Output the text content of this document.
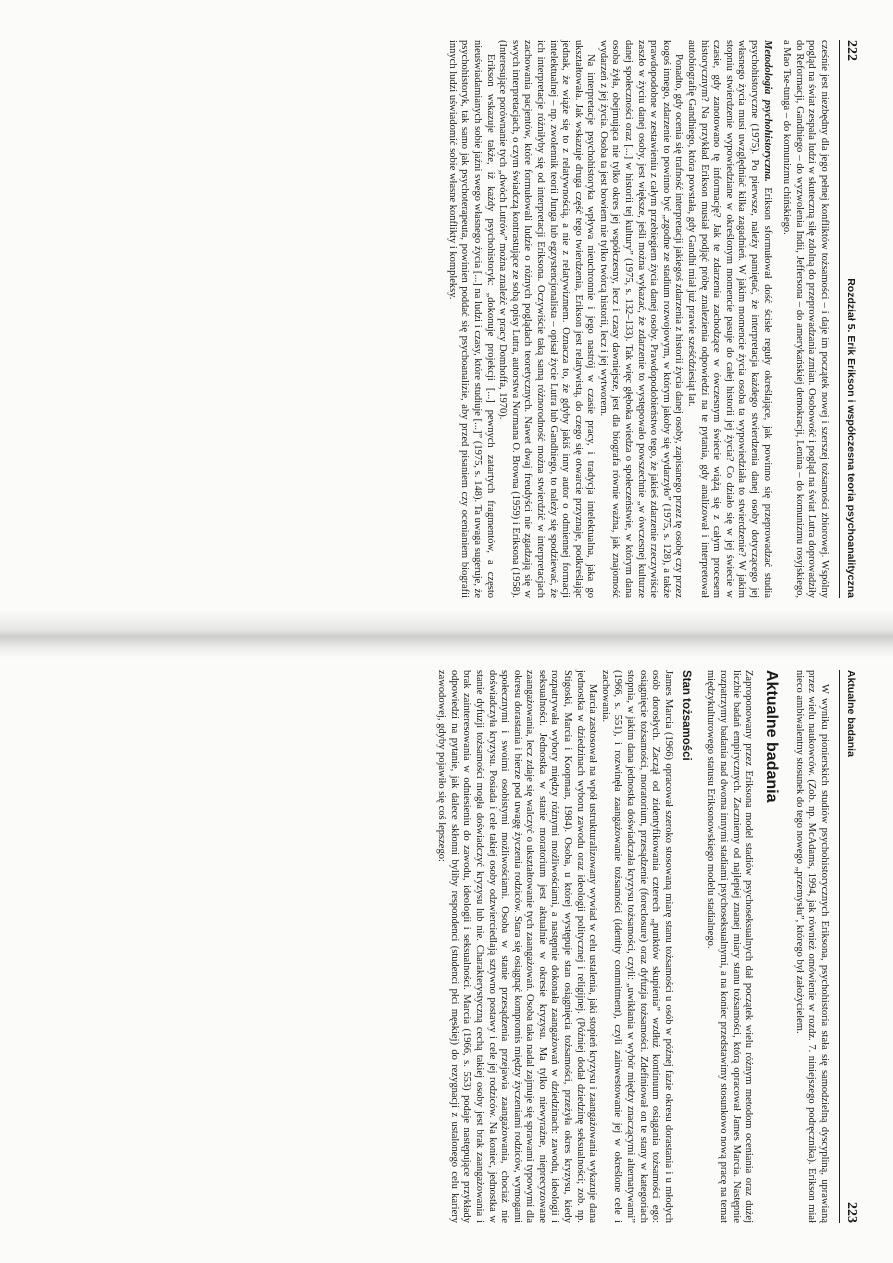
222
Rozdział 5. Erik Erikson i współczesna teoria psychoanalityczna

cześnie jest niezbędny dla jego pełnej konfliktów tożsamości – i daje im początek nowej i szerszej tożsamości zbiorowej. Wspólny pogląd na świat zespala ludzi w skuteczną siłę zdolną do przeprowadzania zmian. Osobowość i pogląd na świat Lutra doprowadziły do Reformacji, Gandhiego – do wyzwolenia Indii, Jeffersona – do amerykańskiej demokracji, Lenina – do komunizmu rosyjskiego, a Mao Tse-tunga – do komunizmu chińskiego.

Metodologia psychohistoryczna. Erikson sformułował dość ścisłe reguły określające, jak powinno się przeprowadzać studia psychohistoryczne (1975). Po pierwsze, należy pamiętać, że interpretacja każdego stwierdzenia danej osoby dotyczącego jej własnego życia musi uwzględniać kilka zagadnień. W jakim momencie życia osoba ta wypowiedziała to stwierdzenie? W jakim stopniu stwierdzenie wypowiedziane w określonym momencie pasuje do całej historii jej życia? Co działo się w jej świecie w czasie, gdy zanotowano tę informację? Jak te zdarzenia zachodzące w ówczesnym świecie wiążą się z całym procesem historycznym? Na przykład Erikson musiał podjąć próbę znalezienia odpowiedzi na te pytania, gdy analizował i interpretował autobiografię Gandhiego, która powstała, gdy Gandhi miał już prawie sześćdziesiąt lat.

Ponadto, gdy ocenia się trafność interpretacji jakiegoś zdarzenia z historii życia danej osoby, zapisanego przez tę osobę czy przez kogoś innego, zdarzenie to powinno być „zgodne ze stadium rozwojowym, w którym jakoby się wydarzyło” (1975, s. 128), a także prawdopodobne w zestawieniu z całym przebiegiem życia danej osoby. Prawdopodobieństwo tego, że jakieś zdarzenie rzeczywiście zaszło w życiu danej osoby, jest większe, jeśli można wykazać, że zdarzenie to występowało powszechnie „w ówczesnej kulturze danej społeczności oraz [...] w historii tej kultury” (1975, s. 132–133). Tak więc głęboka wiedza o społeczeństwie, w którym dana osoba żyła, obejmująca nie tylko okres jej współczesny, lecz i czasy dawniejsze, jest dla biografa równie ważna, jak znajomość wydarzeń z jej życia. Osoba ta jest bowiem nie tylko twórcą historii, lecz i jej wytworem.

Na interpretacje psychohistoryka wpływa nieuchronnie i jego nastrój w czasie pracy, i tradycja intelektualna, jaka go ukształtowała. Jak wskazuje druga część tego twierdzenia, Erikson jest relatywistą, do czego się otwarcie przyznaje, podkreślając jednak, że wiąże się to z relatywnością, a nie z relatywizmem. Oznacza to, że gdyby jakiś inny autor o odmiennej formacji intelektualnej – np. zwolennik teorii Junga lub egzystencjonalista – opisał życie Lutra lub Gandhiego, to należy się spodziewać, że ich interpretacje różniłyby się od interpretacji Eriksona. Oczywiście taką samą różnorodność można stwierdzić w interpretacjach zachowania pacjentów, które formułowali ludzie o różnych poglądach teoretycznych. Nawet dwaj freudyści nie zgadzają się w swych interpretacjach, o czym świadczą kontrastujące ze sobą opisy Lutra, autorstwa Normana O. Browna (1959) i Eriksona (1958). (Interesujące porównanie tych „dwóch Lutrów” można znaleźć w pracy Domhoffa, 1970).

Erikson wskazuje także, iż każdy psychohistoryk: „dokonuje projekcji [...] pewnych zatartych fragmentów, a często nieuświadamianych sobie jaźni swego własnego życia [...] na ludzi i czasy, które studiuje [...]” (1975, s. 148). Ta uwaga sugeruje, że psychohistoryk, tak samo jak psychoterapeuta, powinien poddać się psychoanalizie, aby przed pisaniem czy ocenianiem biografii innych ludzi uświadomić sobie własne konflikty i kompleksy.

Aktualne badania
223

W wyniku pionierskich studiów psychohistorycznych Eriksona, psychohistoria stała się samodzielną dyscypliną, uprawianą przez wielu naukowców. (Zob. np. McAdams, 1994, jak również omówienie w rozdz. 7. niniejszego podręcznika). Erikson miał nieco ambiwalentny stosunek do tego nowego „przemysłu”, którego był założycielem.

Aktualne badania

Zaproponowany przez Eriksona model stadiów psychoseksualnych dał początek wielu różnym metodom oceniania oraz dużej liczbie badań empirycznych. Zaczniemy od najlepiej znanej miary stanu tożsamości, którą opracował James Marcia. Następnie rozpatrzymy badania nad dwoma innymi stadiami psychoseksualnymi, a na koniec przedstawimy stosunkowo nową pracę na temat międzykulturowego statusu Eriksonowskiego modelu stadialnego.

Stan tożsamości

James Marcia (1966) opracował szeroko stosowaną miarę stanu tożsamości u osób w późnej fazie okresu dorastania i u młodych osób dorosłych. Zaczął od zidentyfikowania czterech „punktów skupienia” wzdłuż kontinuum osiągania tożsamości ego: osiągnięcie tożsamości, moratorium, przesądzenie (foreclosure) oraz dyfuzja tożsamości. Zdefiniował on te stany w kategoriach stopnia, w jakim dana jednostka doświadczała kryzysu tożsamości, czyli: „uwikłania w wybór między znaczącymi alternatywami” (1966, s. 551), i rozwinęła zaangażowanie tożsamości (identity commitment), czyli zainwestowanie jej w określone cele i zachowania.

Marcia zastosował na wpół ustrukturalizowany wywiad w celu ustalenia, jaki stopień kryzysu i zaangażowania wykazuje dana jednostka w dziedzinach wyboru zawodu oraz ideologii politycznej i religijnej. (Później dodał dziedzinę seksualności; zob. np. Stigoski, Marcia i Koopman, 1984). Osoba, u której występuje stan osiągnięcia tożsamości, przeżyła okres kryzysu, kiedy rozpatrywała wybory między różnymi możliwościami, a następnie dokonała zaangażowań w dziedzinach: zawodu, ideologii i seksualności. Jednostka w stanie moratorium jest aktualnie w okresie kryzysu. Ma tylko niewyraźne, nieprecyzowane zaangażowania, lecz zdaje się walczyć o ukształtowanie tych zaangażowań. Osoba taka nadal zajmuje się sprawami typowymi dla okresu dorastania i bierze pod uwagę życzenia rodziców. Stara się osiągnąć kompromis między życzeniami rodziców, wymogami społecznymi i swoimi osobistymi możliwościami. Osoba w stanie przesądzenia przejawia zaangażowania, chociaż nie doświadczyła kryzysu. Posiada i cele takiej osoby odzwierciedlają sztywno postawy i cele jej rodziców. Na koniec, jednostka w stanie dyfuzji tożsamości mogła doświadczyć kryzysu lub nie. Charakterystyczną cechą takiej osoby jest brak zaangażowania i brak zainteresowania w odniesieniu do zawodu, ideologii i seksualności. Marcia (1966, s. 553) podaje następujące przykłady odpowiedzi na pytanie, jak dalece skłonni byliby respondenci (studenci płci męskiej) do rezygnacji z ustalonego celu kariery zawodowej, gdyby pojawiło się coś lepszego:
